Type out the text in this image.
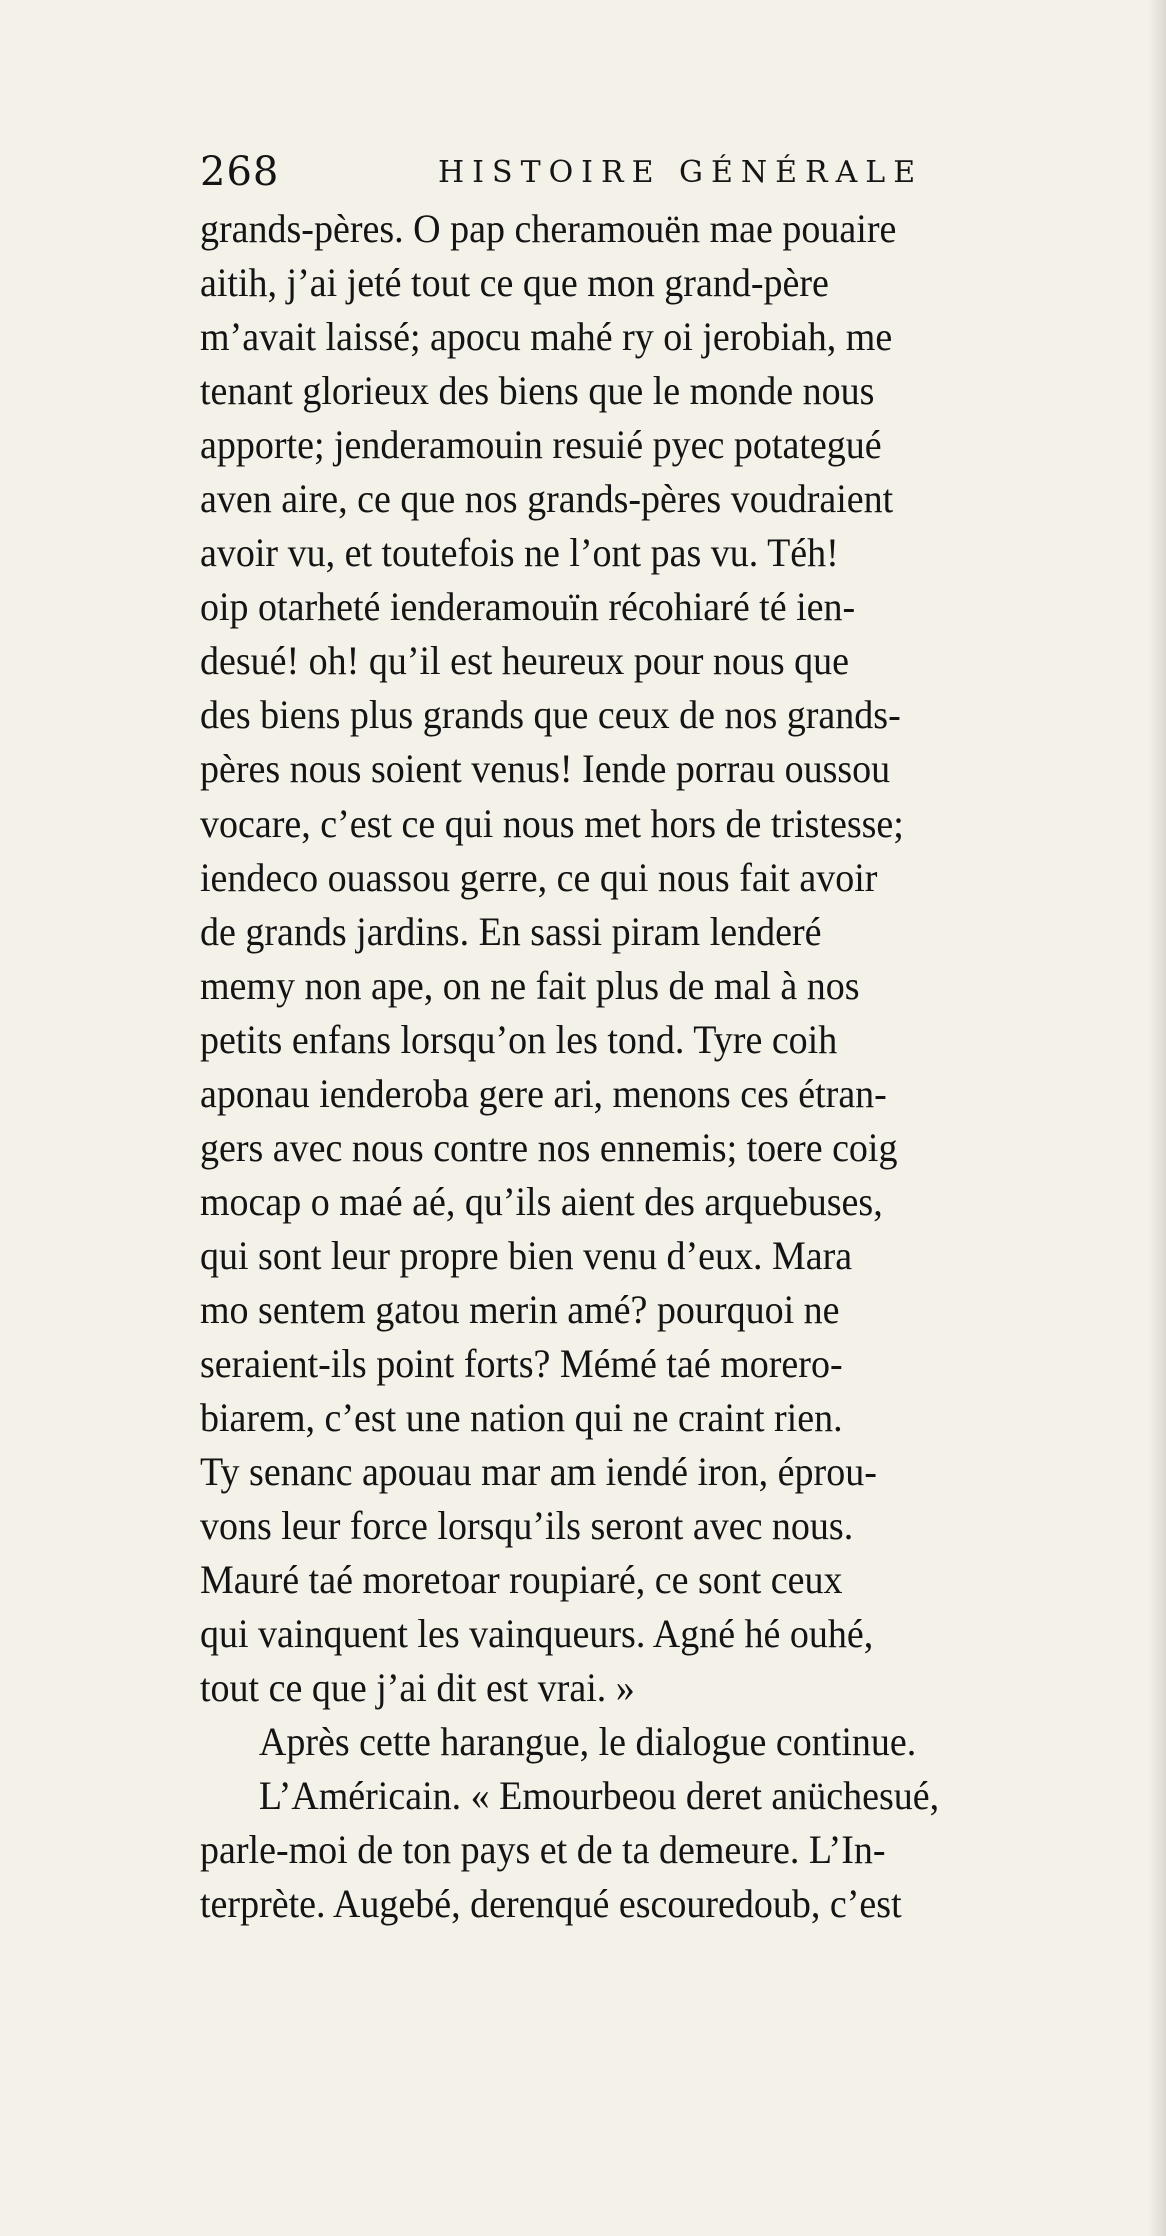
268	HISTOIRE GÉNÉRALE
grands-pères. O pap cheramouën mae pouaire
aitih, j’ai jeté tout ce que mon grand-père
m’avait laissé; apocu mahé ry oi jerobiah, me
tenant glorieux des biens que le monde nous
apporte; jenderamouin resuié pyec potategué
aven aire, ce que nos grands-pères voudraient
avoir vu, et toutefois ne l’ont pas vu. Téh!
oip otarheté ienderamouïn récohiaré té ien-
desué! oh! qu’il est heureux pour nous que
des biens plus grands que ceux de nos grands-
pères nous soient venus! Iende porrau oussou
vocare, c’est ce qui nous met hors de tristesse;
iendeco ouassou gerre, ce qui nous fait avoir
de grands jardins. En sassi piram lenderé
memy non ape, on ne fait plus de mal à nos
petits enfans lorsqu’on les tond. Tyre coih
aponau ienderoba gere ari, menons ces étran-
gers avec nous contre nos ennemis; toere coig
mocap o maé aé, qu’ils aient des arquebuses,
qui sont leur propre bien venu d’eux. Mara
mo sentem gatou merin amé? pourquoi ne
seraient-ils point forts? Mémé taé morero-
biarem, c’est une nation qui ne craint rien.
Ty senanc apouau mar am iendé iron, éprou-
vons leur force lorsqu’ils seront avec nous.
Mauré taé moretoar roupiaré, ce sont ceux
qui vainquent les vainqueurs. Agné hé ouhé,
tout ce que j’ai dit est vrai. »
Après cette harangue, le dialogue continue.
L’Américain. « Emourbeou deret anüchesué,
parle-moi de ton pays et de ta demeure. L’In-
terprète. Augebé, derenqué escouredoub, c’est
